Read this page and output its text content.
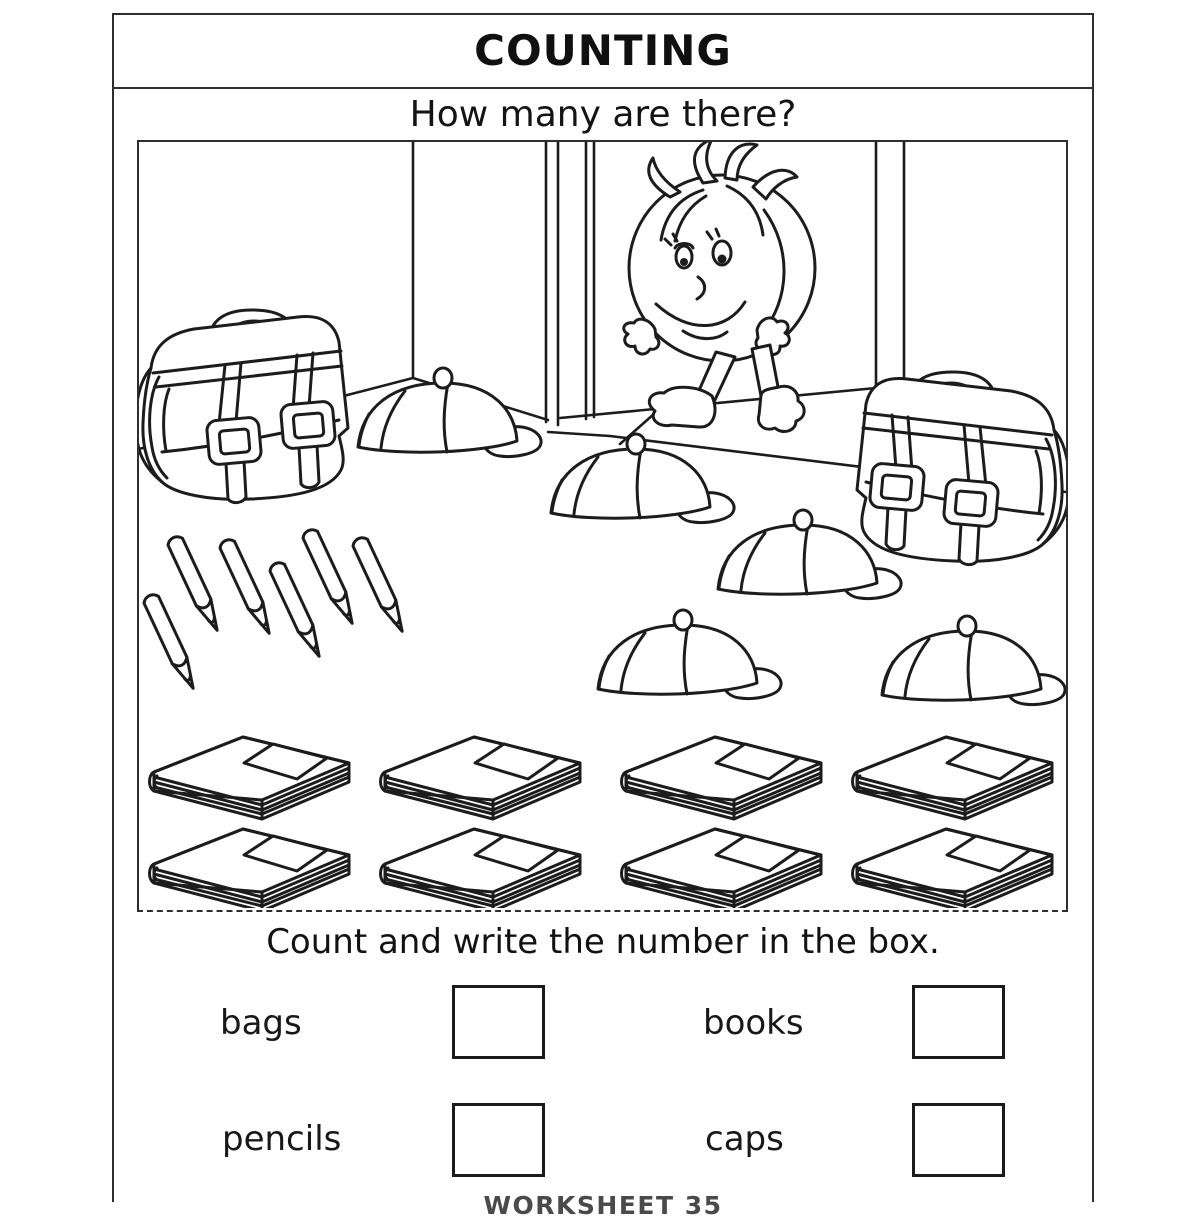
COUNTING
How many are there?
Count and write the number in the box.
bags	books
pencils	caps
WORKSHEET 35
